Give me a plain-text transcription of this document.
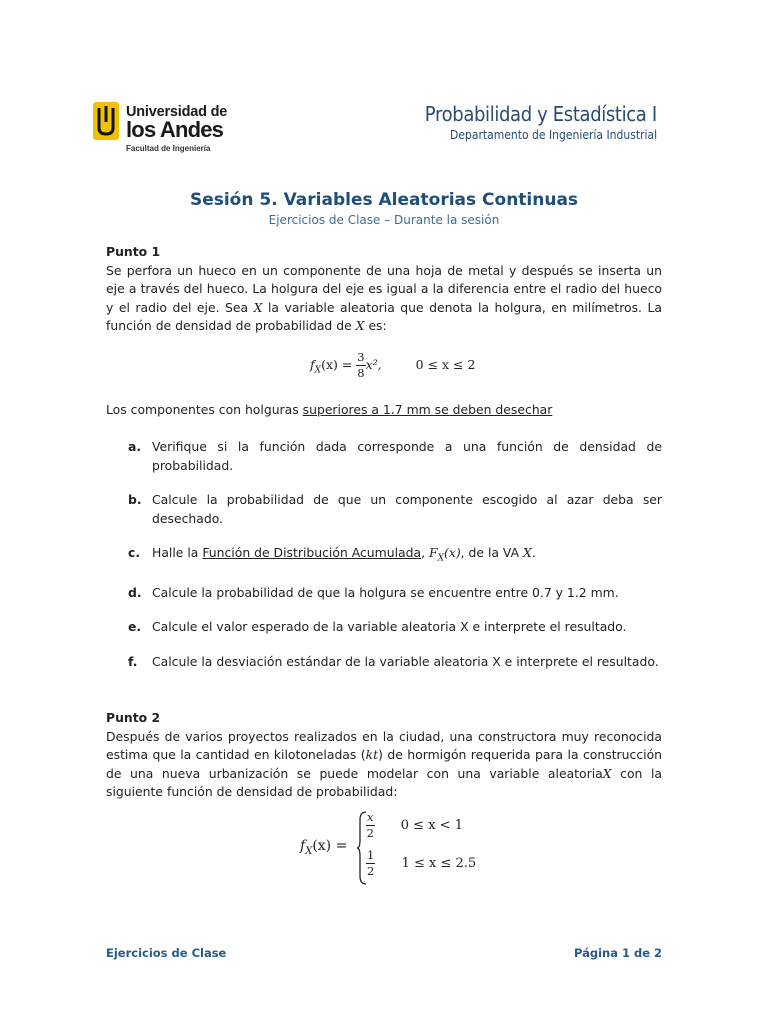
Universidad de
los Andes
Facultad de Ingeniería
Probabilidad y Estadística I
Departamento de Ingeniería Industrial
Sesión 5. Variables Aleatorias Continuas
Ejercicios de Clase – Durante la sesión
Punto 1
Se perfora un hueco en un componente de una hoja de metal y después se inserta un eje a través del hueco. La holgura del eje es igual a la diferencia entre el radio del hueco y el radio del eje. Sea X la variable aleatoria que denota la holgura, en milímetros. La función de densidad de probabilidad de X es:
$f_X(x) = \frac{3}{8} x^2$,	0 ≤ x ≤ 2
Los componentes con holguras superiores a 1.7 mm se deben desechar
a. Verifique si la función dada corresponde a una función de densidad de probabilidad.
b. Calcule la probabilidad de que un componente escogido al azar deba ser desechado.
c. Halle la Función de Distribución Acumulada, $F_X(x)$, de la VA X.
d. Calcule la probabilidad de que la holgura se encuentre entre 0.7 y 1.2 mm.
e. Calcule el valor esperado de la variable aleatoria X e interprete el resultado.
f. Calcule la desviación estándar de la variable aleatoria X e interprete el resultado.
Punto 2
Después de varios proyectos realizados en la ciudad, una constructora muy reconocida estima que la cantidad en kilotoneladas (kt) de hormigón requerida para la construcción de una nueva urbanización se puede modelar con una variable aleatoriaX con la siguiente función de densidad de probabilidad:
$f_X(x)$ =
$\frac{x}{2} 0 \le x < 1$
$\frac{1}{2} 1 \le x \le 2.5$
Ejercicios de Clase	Página 1 de 2
